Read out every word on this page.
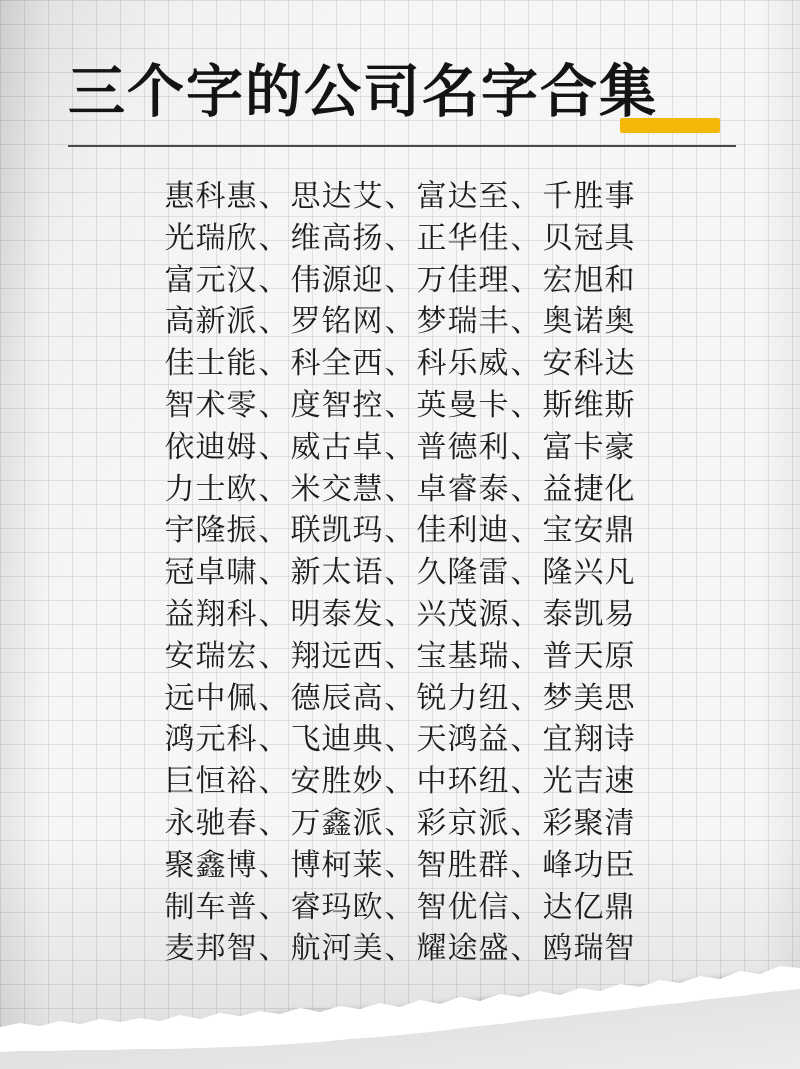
三个字的公司名字合集
惠科惠、思达艾、富达至、千胜事
光瑞欣、维高扬、正华佳、贝冠具
富元汉、伟源迎、万佳理、宏旭和
高新派、罗铭网、梦瑞丰、奥诺奥
佳士能、科全西、科乐威、安科达
智术零、度智控、英曼卡、斯维斯
依迪姆、威古卓、普德利、富卡豪
力士欧、米交慧、卓睿泰、益捷化
宇隆振、联凯玛、佳利迪、宝安鼎
冠卓啸、新太语、久隆雷、隆兴凡
益翔科、明泰发、兴茂源、泰凯易
安瑞宏、翔远西、宝基瑞、普天原
远中佩、德辰高、锐力纽、梦美思
鸿元科、飞迪典、天鸿益、宜翔诗
巨恒裕、安胜妙、中环纽、光吉速
永驰春、万鑫派、彩京派、彩聚清
聚鑫博、博柯莱、智胜群、峰功臣
制车普、睿玛欧、智优信、达亿鼎
麦邦智、航河美、耀途盛、鸥瑞智
